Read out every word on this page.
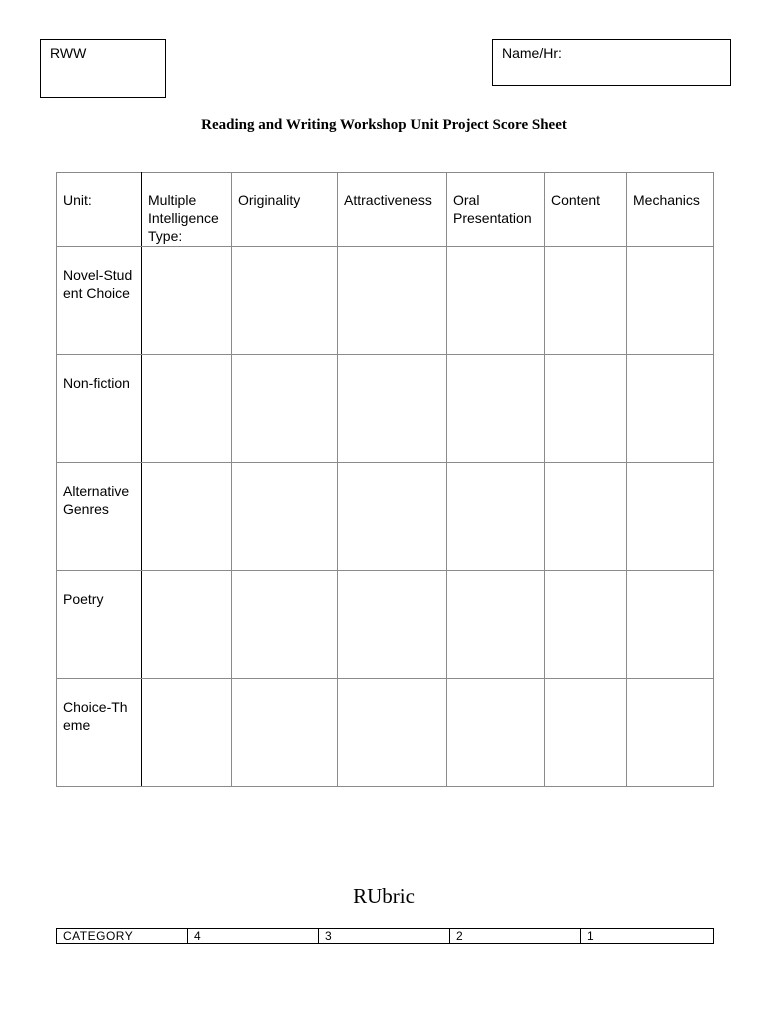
RWW	Name/Hr:
Reading and Writing Workshop Unit Project Score Sheet
Unit:	Multiple Intelligence Type:	Originality	Attractiveness	Oral Presentation	Content	Mechanics
Novel-Student Choice						
Non-fiction						
Alternative Genres						
Poetry						
Choice-Theme						
RUbric
CATEGORY	4	3	2	1
